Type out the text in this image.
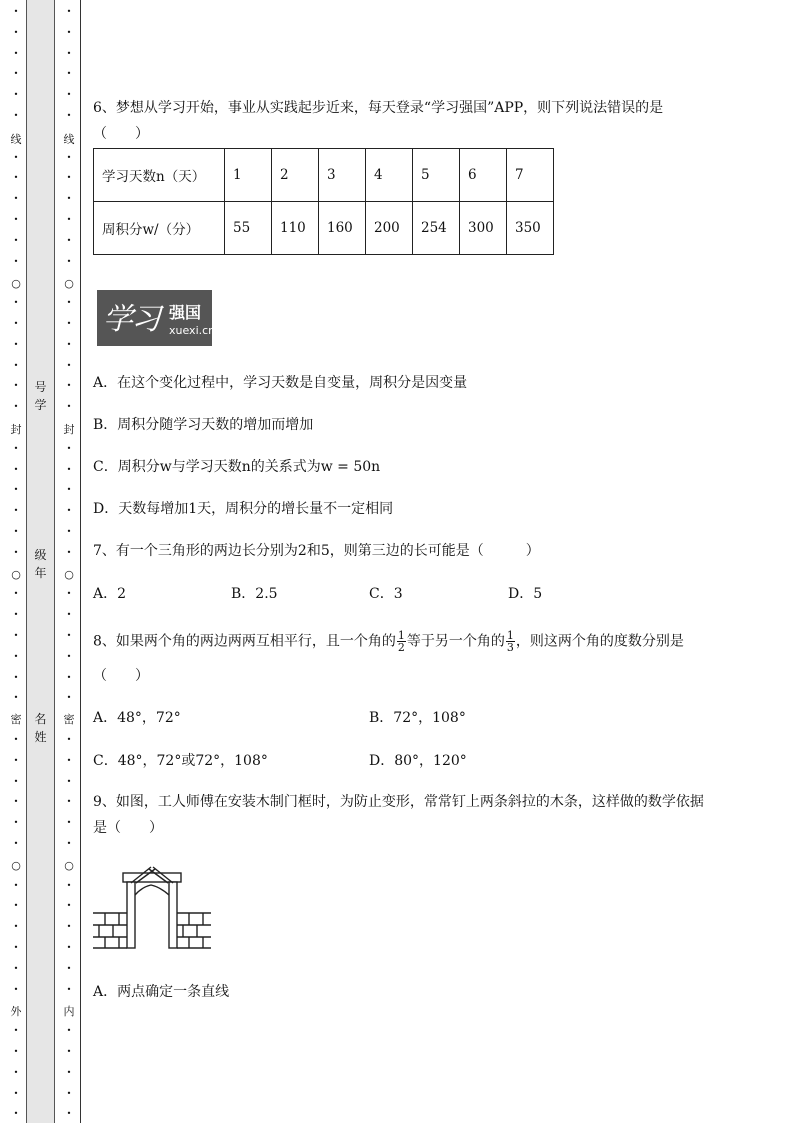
线
○
封
○
密
○
外
•
•
•
•
•
•
•
•
•
•
•
•
•
•
•
•
•
•
•
•
•
•
•
•
•
•
•
•
•
•
•
•
•
•
•
•
•
•
•
•
•
•
•
•
•
•
•
号
学
级
年
名
姓
线
○
封
○
密
○
内
•
•
•
•
•
•
•
•
•
•
•
•
•
•
•
•
•
•
•
•
•
•
•
•
•
•
•
•
•
•
•
•
•
•
•
•
•
•
•
•
•
•
•
•
•
•
•
6、梦想从学习开始，事业从实践起步近来，每天登录“学习强国”APP，则下列说法错误的是
（　　）
学习天数n（天）	1	2	3	4	5	6	7
周积分w/（分）	55	110	160	200	254	300	350
学习 强国
xuexi.cn
A．在这个变化过程中，学习天数是自变量，周积分是因变量
B．周积分随学习天数的增加而增加
C．周积分w与学习天数n的关系式为w = 50n
D．天数每增加1天，周积分的增长量不一定相同
7、有一个三角形的两边长分别为2和5，则第三边的长可能是（　　　）
A．2	B．2.5	C．3	D．5
8、如果两个角的两边两两互相平行，且一个角的 $\frac{1}{2}$ 等于另一个角的 $\frac{1}{3}$ ，则这两个角的度数分别是
（　　）
A．48°，72°	B．72°，108°
C．48°，72°或72°，108°	D．80°，120°
9、如图，工人师傅在安装木制门框时，为防止变形，常常钉上两条斜拉的木条，这样做的数学依据
是（　　）
A．两点确定一条直线
